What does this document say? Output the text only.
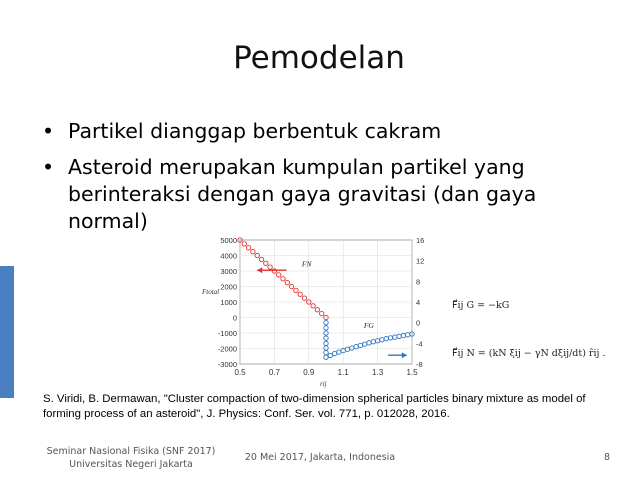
Pemodelan
• Partikel dianggap berbentuk cakram
• Asteroid merupakan kumpulan partikel yang berinteraksi dengan gaya gravitasi (dan gaya normal)
0.5	0.7	0.9	1.1	1.3	1.5
5000
4000
3000
2000
1000
0
-1000
-2000
-3000
16
12
8
4
0
-4
-8
Ftotal
rij
FN
FG
F⃗ij G = −kG
F⃗ij N = (kN ξij − γN dξij/dt) r̂ij .
S. Viridi, B. Dermawan, "Cluster compaction of two-dimension spherical particles binary mixture as model of forming process of an asteroid", J. Physics: Conf. Ser. vol. 771, p. 012028, 2016.
Seminar Nasional Fisika (SNF 2017)
Universitas Negeri Jakarta
20 Mei 2017, Jakarta, Indonesia	8
